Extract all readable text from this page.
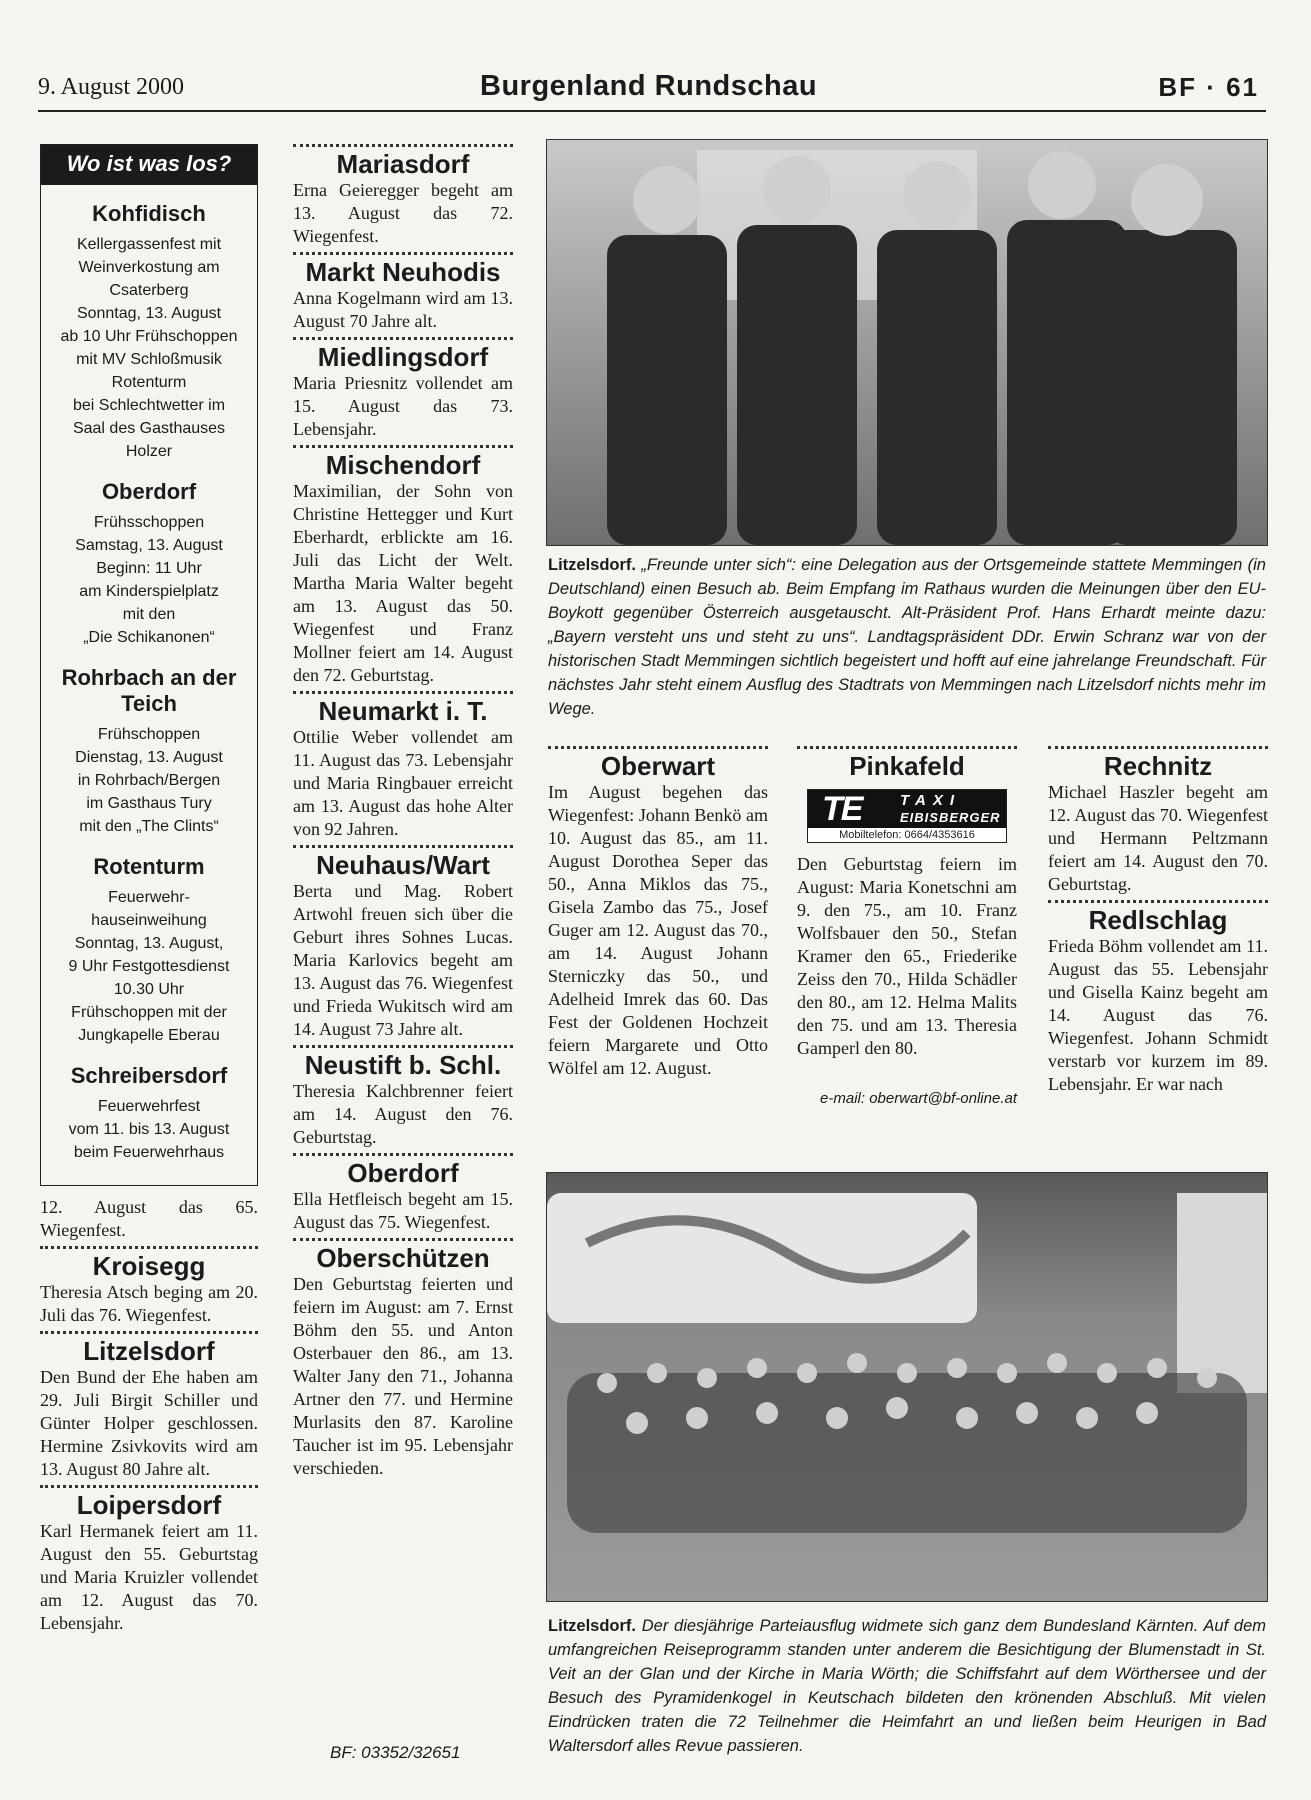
9. August 2000	Burgenland Rundschau	BF · 61
Wo ist was los?
Kohfidisch
Kellergassenfest mit
Weinverkostung am
Csaterberg
Sonntag, 13. August
ab 10 Uhr Frühschoppen
mit MV Schloßmusik
Rotenturm
bei Schlechtwetter im
Saal des Gasthauses
Holzer
Oberdorf
Frühsschoppen
Samstag, 13. August
Beginn: 11 Uhr
am Kinderspielplatz
mit den
„Die Schikanonen“
Rohrbach an der Teich
Frühschoppen
Dienstag, 13. August
in Rohrbach/Bergen
im Gasthaus Tury
mit den „The Clints“
Rotenturm
Feuerwehr-
hauseinweihung
Sonntag, 13. August,
9 Uhr Festgottesdienst
10.30 Uhr
Frühschoppen mit der
Jungkapelle Eberau
Schreibersdorf
Feuerwehrfest
vom 11. bis 13. August
beim Feuerwehrhaus

12. August das 65. Wiegenfest.

Kroisegg

Theresia Atsch beging am 20. Juli das 76. Wiegenfest.

Litzelsdorf

Den Bund der Ehe haben am 29. Juli Birgit Schiller und Günter Holper geschlossen. Hermine Zsivkovits wird am 13. August 80 Jahre alt.

Loipersdorf

Karl Hermanek feiert am 11. August den 55. Geburtstag und Maria Kruizler vollendet am 12. August das 70. Lebensjahr.

Mariasdorf

Erna Geieregger begeht am 13. August das 72. Wiegenfest.

Markt Neuhodis

Anna Kogelmann wird am 13. August 70 Jahre alt.

Miedlingsdorf

Maria Priesnitz vollendet am 15. August das 73. Lebensjahr.

Mischendorf

Maximilian, der Sohn von Christine Hettegger und Kurt Eberhardt, erblickte am 16. Juli das Licht der Welt. Martha Maria Walter begeht am 13. August das 50. Wiegenfest und Franz Mollner feiert am 14. August den 72. Geburtstag.

Neumarkt i. T.

Ottilie Weber vollendet am 11. August das 73. Lebensjahr und Maria Ringbauer erreicht am 13. August das hohe Alter von 92 Jahren.

Neuhaus/Wart

Berta und Mag. Robert Artwohl freuen sich über die Geburt ihres Sohnes Lucas. Maria Karlovics begeht am 13. August das 76. Wiegenfest und Frieda Wukitsch wird am 14. August 73 Jahre alt.

Neustift b. Schl.

Theresia Kalchbrenner feiert am 14. August den 76. Geburtstag.

Oberdorf

Ella Hetfleisch begeht am 15. August das 75. Wiegenfest.

Oberschützen

Den Geburtstag feierten und feiern im August: am 7. Ernst Böhm den 55. und Anton Osterbauer den 86., am 13. Walter Jany den 71., Johanna Artner den 77. und Hermine Murlasits den 87. Karoline Taucher ist im 95. Lebensjahr verschieden.

BF: 03352/32651
Litzelsdorf. „Freunde unter sich“: eine Delegation aus der Ortsgemeinde stattete Memmingen (in Deutschland) einen Besuch ab. Beim Empfang im Rathaus wurden die Meinungen über den EU-Boykott gegenüber Österreich ausgetauscht. Alt-Präsident Prof. Hans Erhardt meinte dazu: „Bayern versteht uns und steht zu uns“. Landtagspräsident DDr. Erwin Schranz war von der historischen Stadt Memmingen sichtlich begeistert und hofft auf eine jahrelange Freundschaft. Für nächstes Jahr steht einem Ausflug des Stadtrats von Memmingen nach Litzelsdorf nichts mehr im Wege.

Oberwart

Im August begehen das Wiegenfest: Johann Benkö am 10. August das 85., am 11. August Dorothea Seper das 50., Anna Miklos das 75., Gisela Zambo das 75., Josef Guger am 12. August das 70., am 14. August Johann Sterniczky das 50., und Adelheid Imrek das 60. Das Fest der Goldenen Hochzeit feiern Margarete und Otto Wölfel am 12. August.

Pinkafeld

TE	TAXI
EIBISBERGER
Mobiltelefon: 0664/4353616

Den Geburtstag feiern im August: Maria Konetschni am 9. den 75., am 10. Franz Wolfsbauer den 50., Stefan Kramer den 65., Friederike Zeiss den 70., Hilda Schädler den 80., am 12. Helma Malits den 75. und am 13. Theresia Gamperl den 80.

e-mail: oberwart@bf-online.at

Rechnitz

Michael Haszler begeht am 12. August das 70. Wiegenfest und Hermann Peltzmann feiert am 14. August den 70. Geburtstag.

Redlschlag

Frieda Böhm vollendet am 11. August das 55. Lebensjahr und Gisella Kainz begeht am 14. August das 76. Wiegenfest. Johann Schmidt verstarb vor kurzem im 89. Lebensjahr. Er war nach

Litzelsdorf. Der diesjährige Parteiausflug widmete sich ganz dem Bundesland Kärnten. Auf dem umfangreichen Reiseprogramm standen unter anderem die Besichtigung der Blumenstadt in St. Veit an der Glan und der Kirche in Maria Wörth; die Schiffsfahrt auf dem Wörthersee und der Besuch des Pyramidenkogel in Keutschach bildeten den krönenden Abschluß. Mit vielen Eindrücken traten die 72 Teilnehmer die Heimfahrt an und ließen beim Heurigen in Bad Waltersdorf alles Revue passieren.
